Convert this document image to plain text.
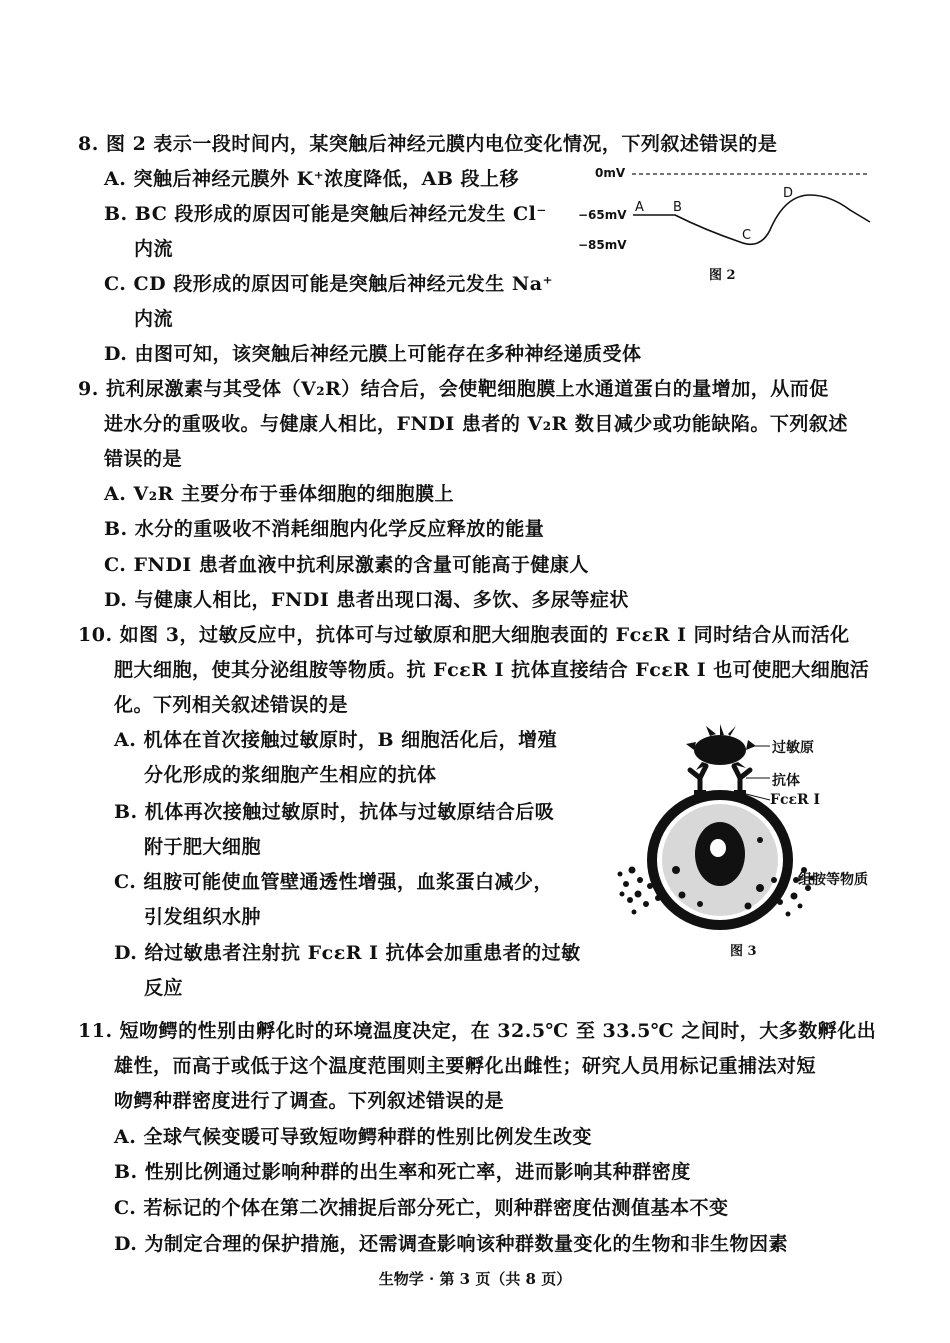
8. 图 2 表示一段时间内，某突触后神经元膜内电位变化情况，下列叙述错误的是
A. 突触后神经元膜外 K⁺浓度降低，AB 段上移
B. BC 段形成的原因可能是突触后神经元发生 Cl⁻
内流
C. CD 段形成的原因可能是突触后神经元发生 Na⁺
内流
D. 由图可知，该突触后神经元膜上可能存在多种神经递质受体
0mV
−65mV
−85mV
A B
C
D
图 2
9. 抗利尿激素与其受体（V₂R）结合后，会使靶细胞膜上水通道蛋白的量增加，从而促
进水分的重吸收。与健康人相比，FNDI 患者的 V₂R 数目减少或功能缺陷。下列叙述
错误的是
A. V₂R 主要分布于垂体细胞的细胞膜上
B. 水分的重吸收不消耗细胞内化学反应释放的能量
C. FNDI 患者血液中抗利尿激素的含量可能高于健康人
D. 与健康人相比，FNDI 患者出现口渴、多饮、多尿等症状
10. 如图 3，过敏反应中，抗体可与过敏原和肥大细胞表面的 FcεR Ⅰ 同时结合从而活化
肥大细胞，使其分泌组胺等物质。抗 FcεR Ⅰ 抗体直接结合 FcεR Ⅰ 也可使肥大细胞活
化。下列相关叙述错误的是
A. 机体在首次接触过敏原时，B 细胞活化后，增殖
分化形成的浆细胞产生相应的抗体
B. 机体再次接触过敏原时，抗体与过敏原结合后吸
附于肥大细胞
C. 组胺可能使血管壁通透性增强，血浆蛋白减少，
引发组织水肿
D. 给过敏患者注射抗 FcεR Ⅰ 抗体会加重患者的过敏
反应
过敏原
抗体
FcεR Ⅰ
组胺等物质
图 3
11. 短吻鳄的性别由孵化时的环境温度决定，在 32.5℃ 至 33.5℃ 之间时，大多数孵化出
雄性，而高于或低于这个温度范围则主要孵化出雌性；研究人员用标记重捕法对短
吻鳄种群密度进行了调查。下列叙述错误的是
A. 全球气候变暖可导致短吻鳄种群的性别比例发生改变
B. 性别比例通过影响种群的出生率和死亡率，进而影响其种群密度
C. 若标记的个体在第二次捕捉后部分死亡，则种群密度估测值基本不变
D. 为制定合理的保护措施，还需调查影响该种群数量变化的生物和非生物因素
生物学 · 第 3 页（共 8 页）
